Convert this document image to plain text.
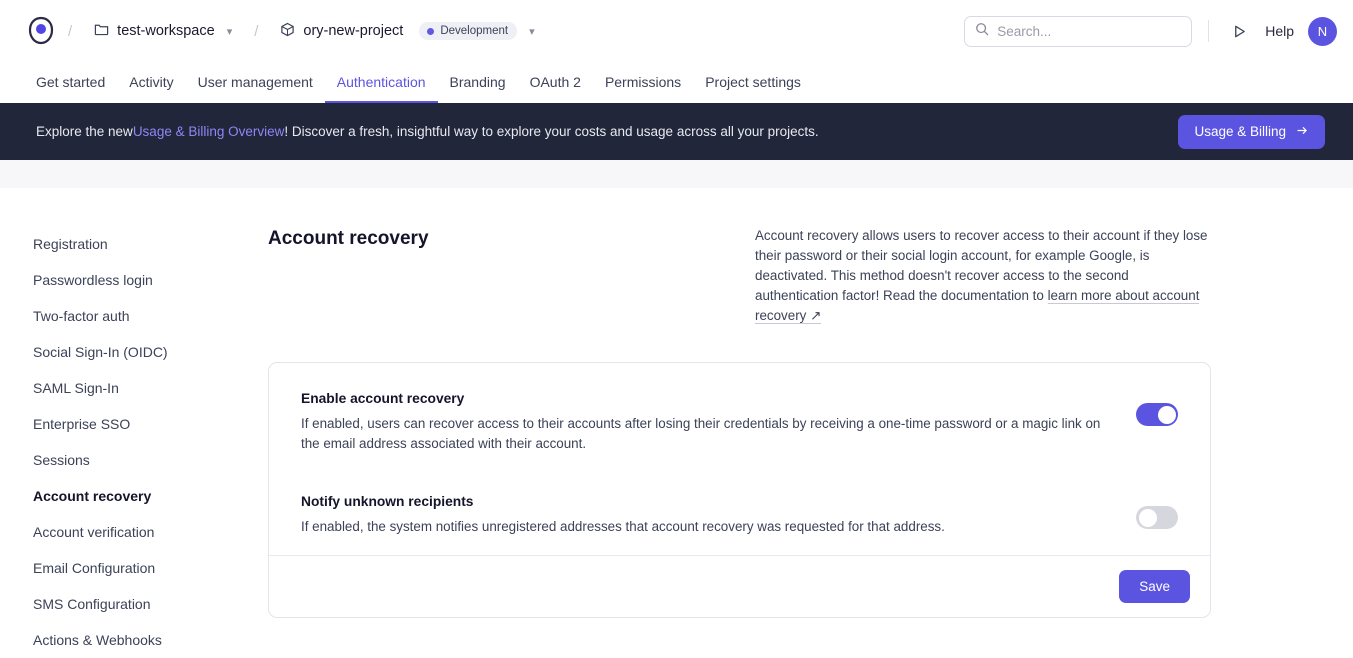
/	test-workspace ▾ /	ory-new-project	Development ▾
Search...	Help	N
Get started	Activity	User management	Authentication	Branding	OAuth 2	Permissions	Project settings
Explore the new Usage & Billing Overview ! Discover a fresh, insightful way to explore your costs and usage across all your projects.	Usage & Billing
Registration
Passwordless login
Two-factor auth
Social Sign-In (OIDC)
SAML Sign-In
Enterprise SSO
Sessions
Account recovery
Account verification
Email Configuration
SMS Configuration
Actions & Webhooks
Account recovery	Account recovery allows users to recover access to their account if they lose their password or their social login account, for example Google, is deactivated. This method doesn't recover access to the second authentication factor! Read the documentation to learn more about account recovery ↗
Enable account recovery
If enabled, users can recover access to their accounts after losing their credentials by receiving a one-time password or a magic link on the email address associated with their account.
Notify unknown recipients
If enabled, the system notifies unregistered addresses that account recovery was requested for that address.
Save
